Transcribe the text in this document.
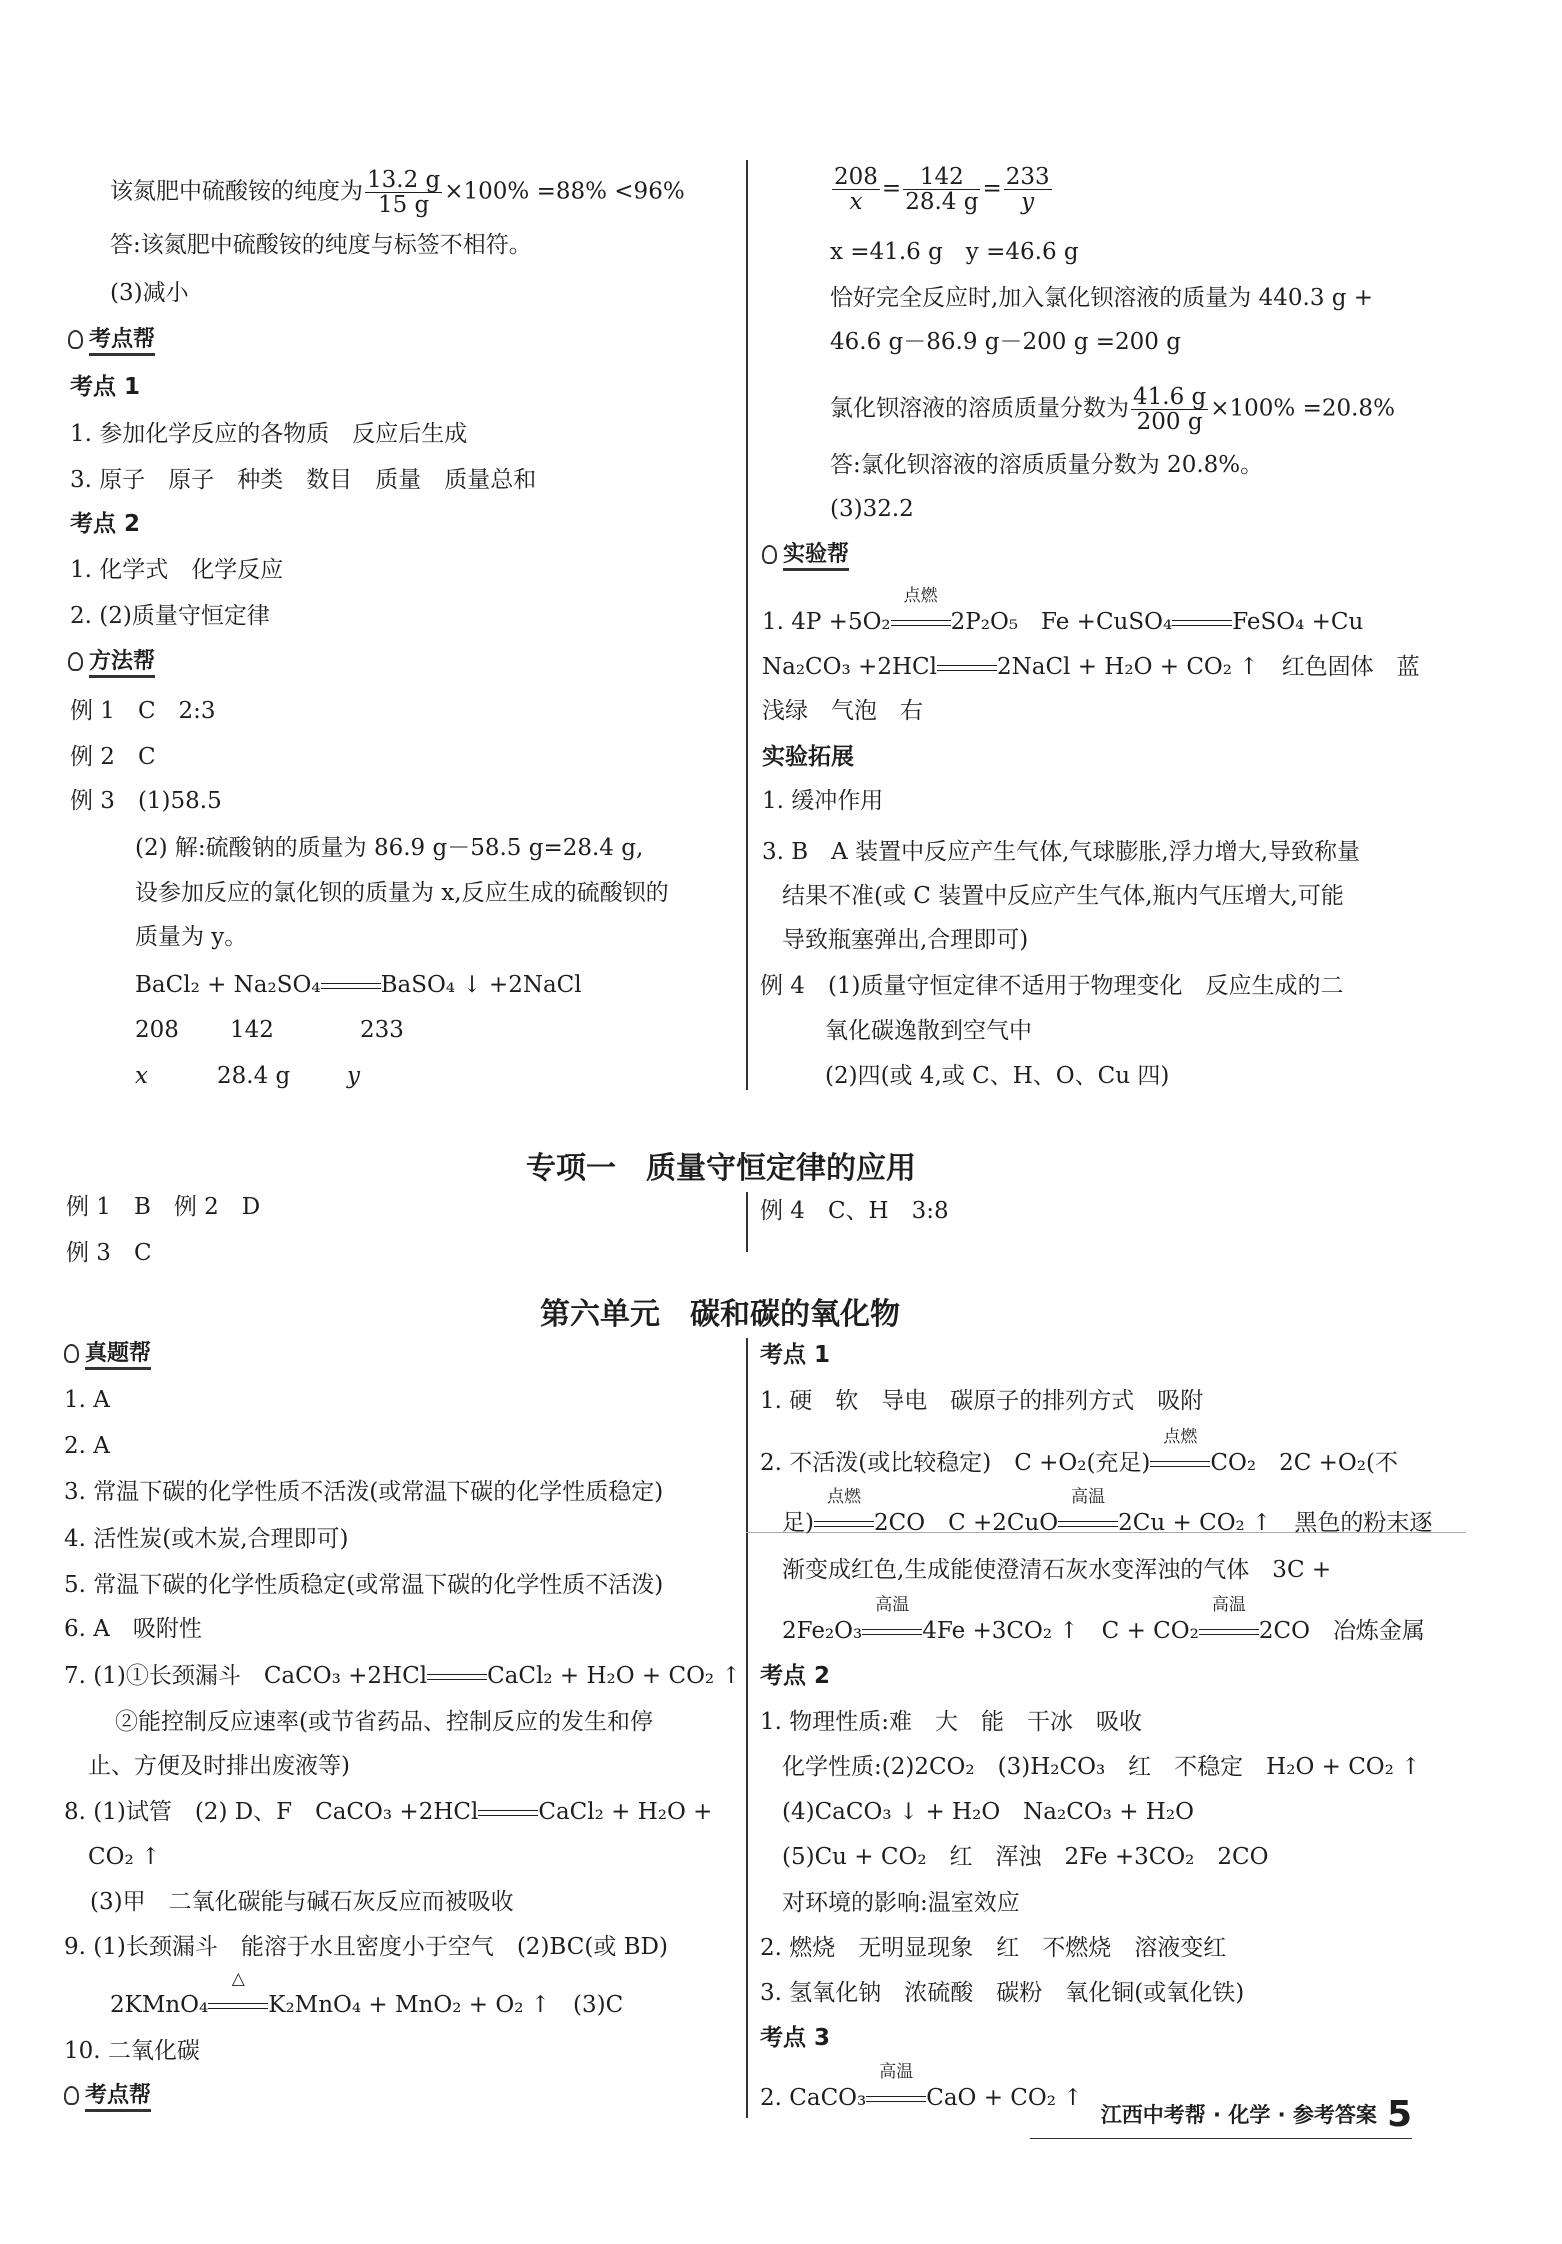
该氮肥中硫酸铵的纯度为 $\frac{13.2 g}{15 g} \times 100\% =88\% <96\%$
答:该氮肥中硫酸铵的纯度与标签不相符。
(3)减小
考点帮
考点 1
1. 参加化学反应的各物质　反应后生成
3. 原子　原子　种类　数目　质量　质量总和
考点 2
1. 化学式　化学反应
2. (2)质量守恒定律
方法帮
例 1　C　2:3
例 2　C
例 3　(1)58.5
(2) 解:硫酸钠的质量为 86.9 g－58.5 g=28.4 g,
设参加反应的氯化钡的质量为 x,反应生成的硫酸钡的
质量为 y。
BaCl₂ + Na₂SO₄	BaSO₄ ↓ +2NaCl
208 142	233
x	28.4 g y
$\frac{208}{x} = \frac{142}{28.4 g} = \frac{233}{y}$
x =41.6 g　y =46.6 g
恰好完全反应时,加入氯化钡溶液的质量为 440.3 g +
46.6 g－86.9 g－200 g =200 g
氯化钡溶液的溶质质量分数为 $\frac{41.6 g}{200 g} \times 100\% =20.8\%$
答:氯化钡溶液的溶质质量分数为 20.8%。
(3)32.2
实验帮
1. 4P +5O₂
点燃
2P₂O₅　Fe +CuSO₄	FeSO₄ +Cu
Na₂CO₃ +2HCl	2NaCl + H₂O + CO₂ ↑　红色固体　蓝
浅绿　气泡　右
实验拓展
1. 缓冲作用
3. B　A 装置中反应产生气体,气球膨胀,浮力增大,导致称量
结果不准(或 C 装置中反应产生气体,瓶内气压增大,可能
导致瓶塞弹出,合理即可)
例 4　(1)质量守恒定律不适用于物理变化　反应生成的二
氧化碳逸散到空气中
(2)四(或 4,或 C、H、O、Cu 四)
专项一　质量守恒定律的应用
例 1　B　例 2　D
例 3　C
例 4　C、H　3:8
第六单元　碳和碳的氧化物
真题帮
1. A
2. A
3. 常温下碳的化学性质不活泼(或常温下碳的化学性质稳定)
4. 活性炭(或木炭,合理即可)
5. 常温下碳的化学性质稳定(或常温下碳的化学性质不活泼)
6. A　吸附性
7. (1)①长颈漏斗　CaCO₃ +2HCl	CaCl₂ + H₂O + CO₂ ↑
②能控制反应速率(或节省药品、控制反应的发生和停
止、方便及时排出废液等)
8. (1)试管　(2) D、F　CaCO₃ +2HCl	CaCl₂ + H₂O +
CO₂ ↑
(3)甲　二氧化碳能与碱石灰反应而被吸收
9. (1)长颈漏斗　能溶于水且密度小于空气　(2)BC(或 BD)
2KMnO₄
△
K₂MnO₄ + MnO₂ + O₂ ↑　(3)C
10. 二氧化碳
考点帮
考点 1
1. 硬　软　导电　碳原子的排列方式　吸附
2. 不活泼(或比较稳定)　C +O₂(充足)
点燃
CO₂　2C +O₂(不
足)
点燃
2CO　C +2CuO
高温
2Cu + CO₂ ↑　黑色的粉末逐
渐变成红色,生成能使澄清石灰水变浑浊的气体　3C +
2Fe₂O₃
高温
4Fe +3CO₂ ↑　C + CO₂
高温
2CO　冶炼金属
考点 2
1. 物理性质:难　大　能　干冰　吸收
化学性质:(2)2CO₂　(3)H₂CO₃　红　不稳定　H₂O + CO₂ ↑
(4)CaCO₃ ↓ + H₂O　Na₂CO₃ + H₂O
(5)Cu + CO₂　红　浑浊　2Fe +3CO₂　2CO
对环境的影响:温室效应
2. 燃烧　无明显现象　红　不燃烧　溶液变红
3. 氢氧化钠　浓硫酸　碳粉　氧化铜(或氧化铁)
考点 3
2. CaCO₃
高温
CaO + CO₂ ↑
江西中考帮 · 化学 · 参考答案 5
